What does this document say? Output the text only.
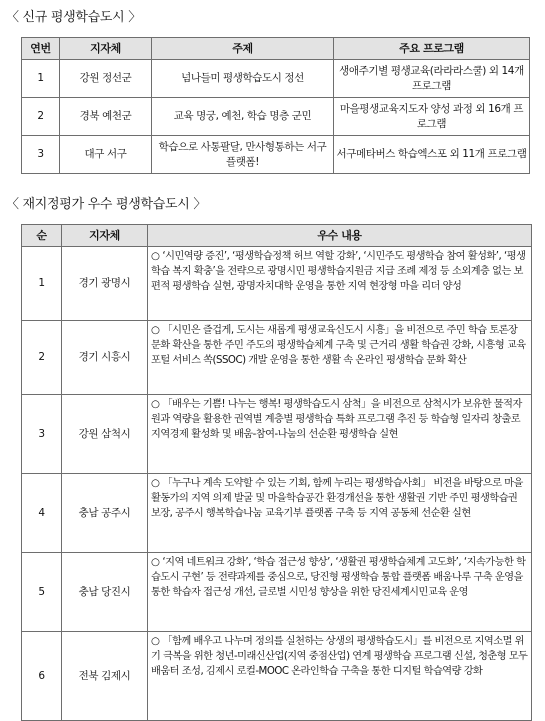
〈 신규 평생학습도시 〉
연번	지자체	주제	주요 프로그램
1	강원 정선군	넘나들미 평생학습도시 정선	생애주기별 평생교육(라라라스쿨) 외 14개 프로그램
2	경북 예천군	교육 명궁, 예천, 학습 명층 군민	마을평생교육지도자 양성 과정 외 16개 프로그램
3	대구 서구	학습으로 사통팔달, 만사형통하는 서구 플랫폼!	서구메타버스 학습엑스포 외 11개 프로그램
〈 재지정평가 우수 평생학습도시 〉
순	지자체	우수 내용
1	경기 광명시	○ ‘시민역량 증진’, ‘평생학습정책 허브 역할 강화’, ‘시민주도 평생학습 참여 활성화’, ‘평생학습 복지 확충’을 전략으로 광명시민 평생학습지원금 지급 조례 제정 등 소외계층 없는 보편적 평생학습 실현, 광명자치대학 운영을 통한 지역 현장형 마을 리더 양성
2	경기 시흥시	○ 「시민은 즐겁게, 도시는 새롭게 평생교육신도시 시흥」을 비전으로 주민 학습 토론장 문화 확산을 통한 주민 주도의 평생학습체계 구축 및 근거리 생활 학습권 강화, 시흥형 교육 포털 서비스 쏙(SSOC) 개발 운영을 통한 생활 속 온라인 평생학습 문화 확산
3	강원 삼척시	○ 「배우는 기쁨! 나누는 행복! 평생학습도시 삼척」을 비전으로 삼척시가 보유한 물적자원과 역량을 활용한 권역별 계층별 평생학습 특화 프로그램 추진 등 학습형 일자리 창출로 지역경제 활성화 및 배움-참여-나눔의 선순환 평생학습 실현
4	충남 공주시	○ 「누구나 계속 도약할 수 있는 기회, 함께 누리는 평생학습사회」 비전을 바탕으로 마을 활동가의 지역 의제 발굴 및 마을학습공간 환경개선을 통한 생활권 기반 주민 평생학습권 보장, 공주시 행복학습나눔 교육기부 플랫폼 구축 등 지역 공동체 선순환 실현
5	충남 당진시	○ ‘지역 네트워크 강화’, ‘학습 접근성 향상’, ‘생활권 평생학습체계 고도화’, ‘지속가능한 학습도시 구현’ 등 전략과제를 중심으로, 당진형 평생학습 통합 플랫폼 배움나루 구축 운영을 통한 학습자 접근성 개선, 글로벌 시민성 향상을 위한 당진세계시민교육 운영
6	전북 김제시	○ 「함께 배우고 나누며 정의를 실천하는 상생의 평생학습도시」를 비전으로 지역소멸 위기 극복을 위한 청년-미래신산업(지역 중점산업) 연계 평생학습 프로그램 신설, 청춘형 모두배움터 조성, 김제시 로컬-MOOC 온라인학습 구축을 통한 디지털 학습역량 강화
